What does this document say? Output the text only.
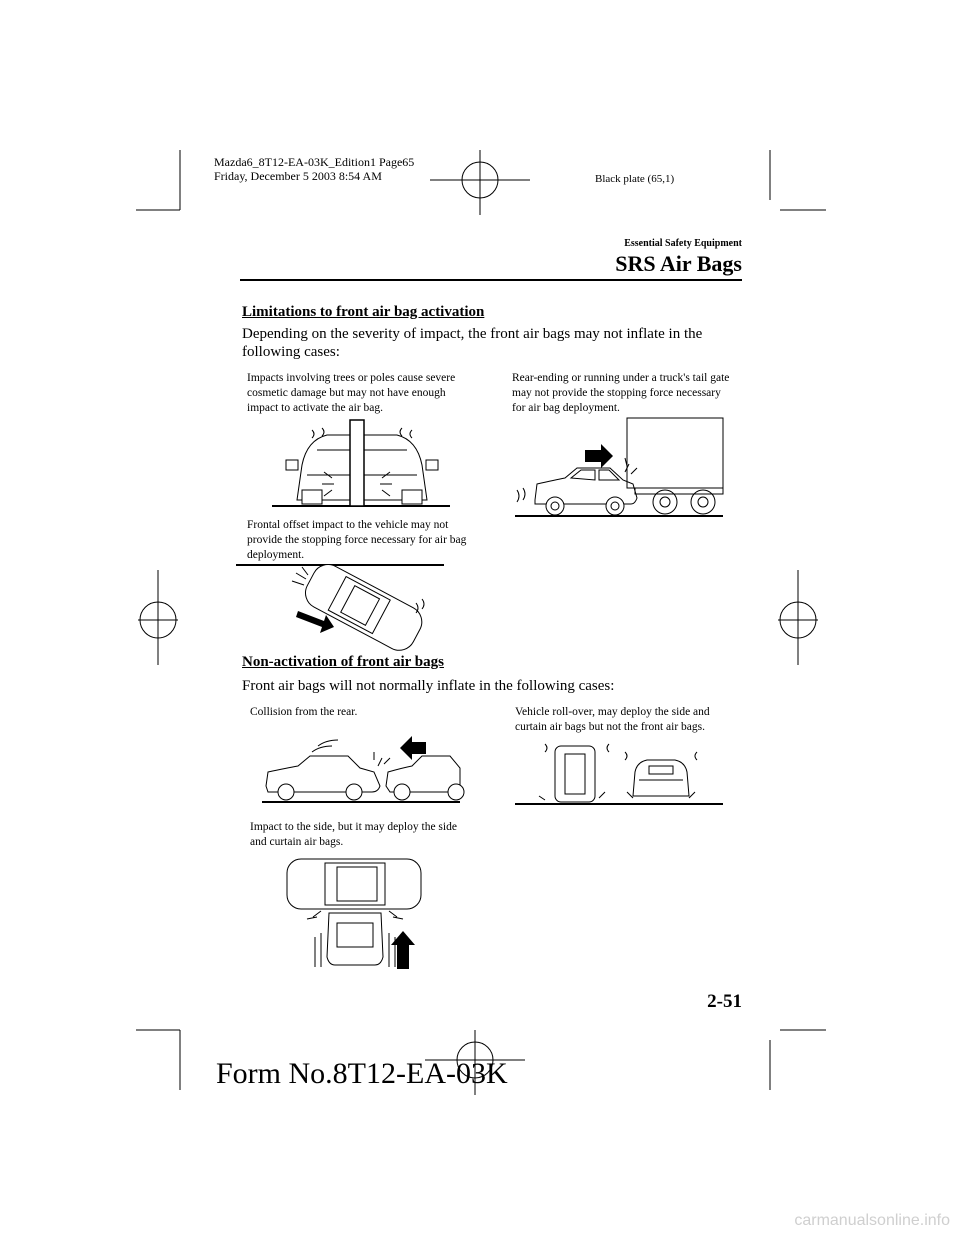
Mazda6_8T12-EA-03K_Edition1 Page65
Friday, December 5 2003 8:54 AM	Black plate (65,1)
Essential Safety Equipment
SRS Air Bags
Limitations to front air bag activation
Depending on the severity of impact, the front air bags may not inflate in the following cases:
Impacts involving trees or poles cause severe cosmetic damage but may not have enough impact to activate the air bag.
Rear-ending or running under a truck's tail gate may not provide the stopping force necessary for air bag deployment.
Frontal offset impact to the vehicle may not provide the stopping force necessary for air bag deployment.
Non-activation of front air bags
Front air bags will not normally inflate in the following cases:
Collision from the rear.	Vehicle roll-over, may deploy the side and curtain air bags but not the front air bags.
Impact to the side, but it may deploy the side and curtain air bags.
2-51
Form No.8T12-EA-03K
carmanualsonline.info
